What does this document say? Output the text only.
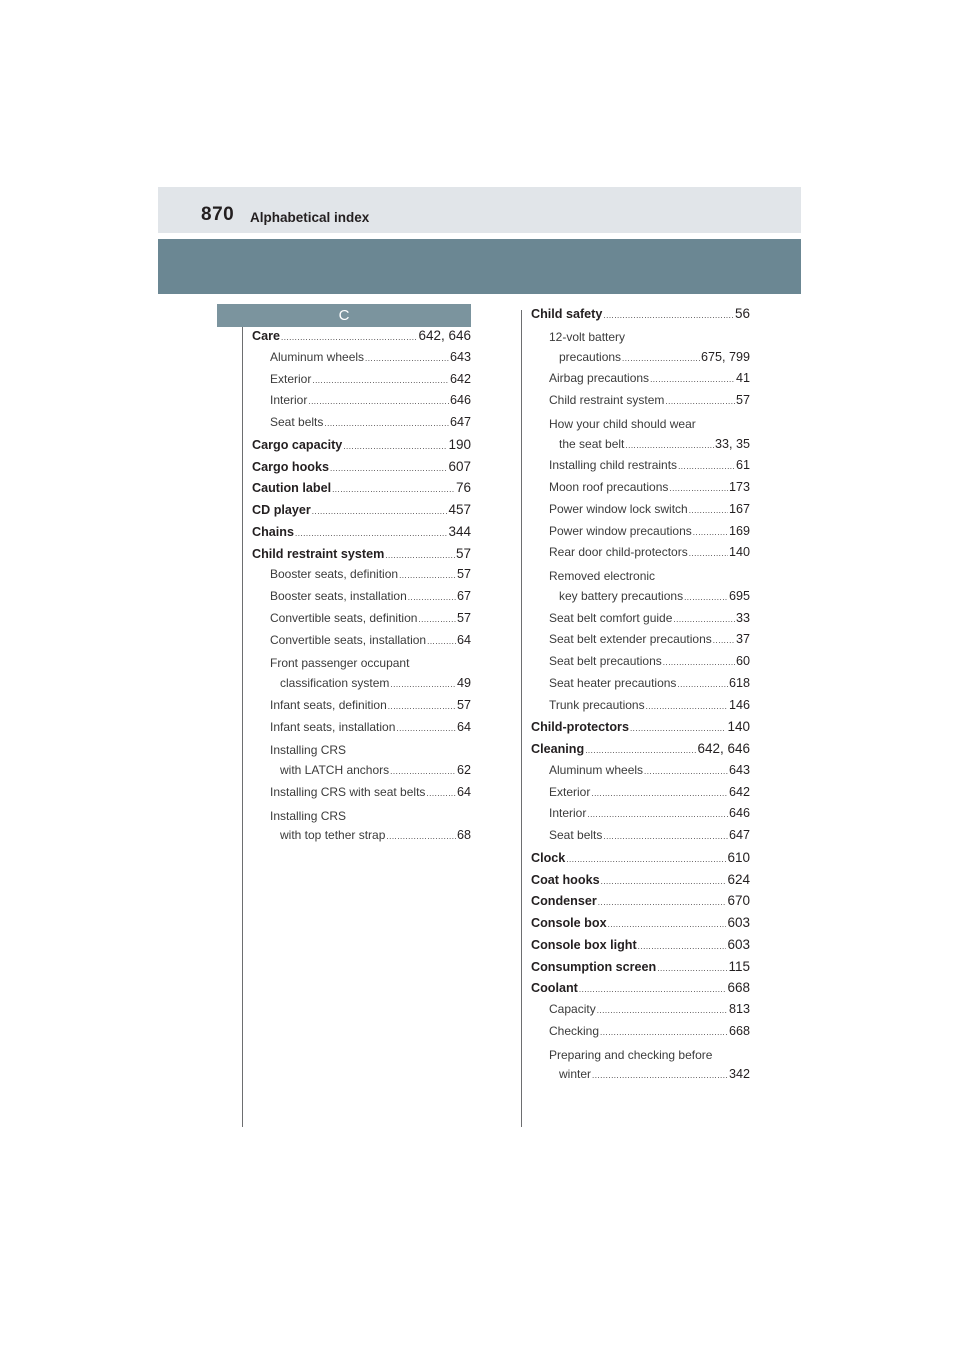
870 Alphabetical index
C
Care .....	642, 646
Aluminum wheels .....	643
Exterior .....	642
Interior .....	646
Seat belts .....	647
Cargo capacity .....	190
Cargo hooks .....	607
Caution label .....	76
CD player .....	457
Chains .....	344
Child restraint system .....	57
Booster seats, definition .....	57
Booster seats, installation .....	67
Convertible seats, definition .....	57
Convertible seats, installation ..... 64
Front passenger occupant
classification system .....	49
Infant seats, definition .....	57
Infant seats, installation .....	64
Installing CRS
with LATCH anchors .....	62
Installing CRS with seat belts .....	64
Installing CRS
with top tether strap .....	68
Child safety .....	56
12-volt battery
precautions .....	675, 799
Airbag precautions .....	41
Child restraint system .....	57
How your child should wear
the seat belt .....	33, 35
Installing child restraints .....	61
Moon roof precautions .....	173
Power window lock switch .....	167
Power window precautions .....	169
Rear door child-protectors .....	140
Removed electronic
key battery precautions .....	695
Seat belt comfort guide .....	33
Seat belt extender precautions ..... 37
Seat belt precautions .....	60
Seat heater precautions .....	618
Trunk precautions .....	146
Child-protectors .....	140
Cleaning .....	642, 646
Aluminum wheels .....	643
Exterior .....	642
Interior .....	646
Seat belts .....	647
Clock .....	610
Coat hooks .....	624
Condenser .....	670
Console box .....	603
Console box light .....	603
Consumption screen .....	115
Coolant .....	668
Capacity .....	813
Checking .....	668
Preparing and checking before
winter .....	342
